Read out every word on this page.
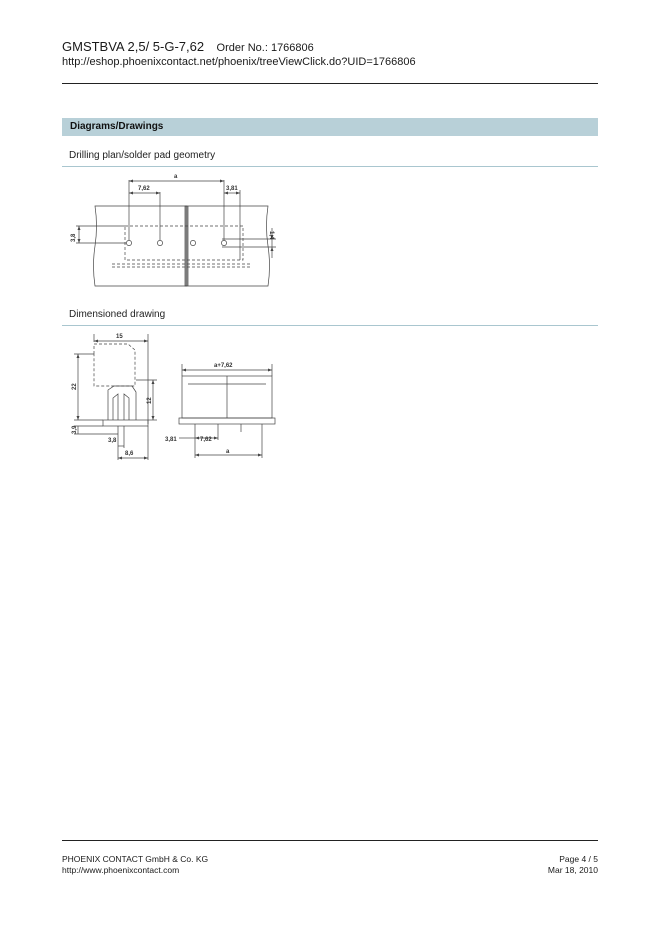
GMSTBVA 2,5/ 5-G-7,62 Order No.: 1766806
http://eshop.phoenixcontact.net/phoenix/treeViewClick.do?UID=1766806
Diagrams/Drawings
Drilling plan/solder pad geometry
a
7,62	3,81
3,8	1,4
Dimensioned drawing
15
22
12
3,9
3,8
8,6
a+7,62
3,81	7,62
a
PHOENIX CONTACT GmbH & Co. KG
http://www.phoenixcontact.com
Page 4 / 5
Mar 18, 2010
